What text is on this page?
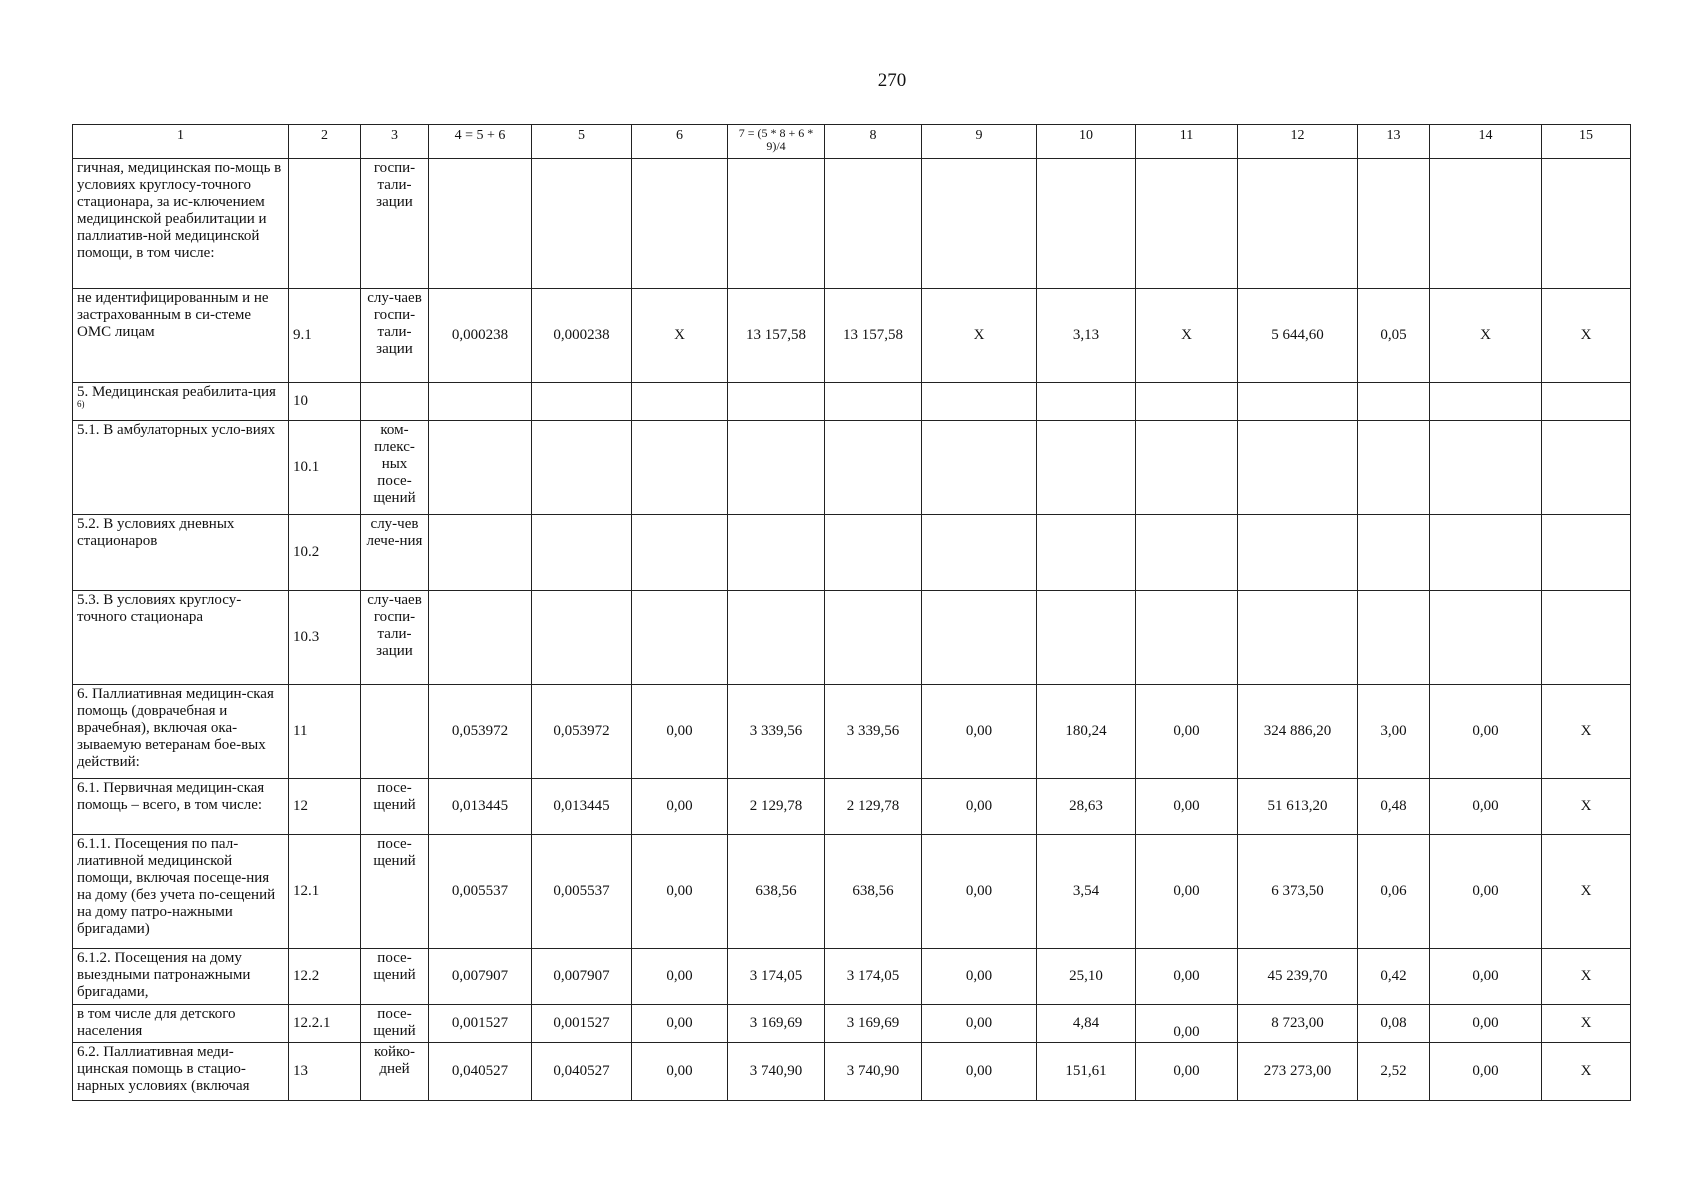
270
1	2	3	4 = 5 + 6	5	6	7 = (5 * 8 + 6 * 9)/4	8	9	10	11	12	13	14	15
гичная, медицинская по-мощь в условиях круглосу-точного стационара, за ис-ключением медицинской реабилитации и паллиатив-ной медицинской помощи, в том числе:		госпи-тали-зации												
не идентифицированным и не застрахованным в си-стеме ОМС лицам	9.1	слу-чаев госпи-тали-зации	0,000238	0,000238	X	13 157,58	13 157,58	X	3,13	X	5 644,60	0,05	X	X
5. Медицинская реабилита-ция $^{6)}$	10													
5.1. В амбулаторных усло-виях	10.1	ком-плекс-ных посе-щений												
5.2. В условиях дневных стационаров	10.2	слу-чев лече-ния												
5.3. В условиях круглосу-точного стационара	10.3	слу-чаев госпи-тали-зации												
6. Паллиативная медицин-ская помощь (доврачебная и врачебная), включая ока-зываемую ветеранам бое-вых действий:	11		0,053972	0,053972	0,00	3 339,56	3 339,56	0,00	180,24	0,00	324 886,20	3,00	0,00	X
6.1. Первичная медицин-ская помощь – всего, в том числе:	12	посе-щений	0,013445	0,013445	0,00	2 129,78	2 129,78	0,00	28,63	0,00	51 613,20	0,48	0,00	X
6.1.1. Посещения по пал-лиативной медицинской помощи, включая посеще-ния на дому (без учета по-сещений на дому патро-нажными бригадами)	12.1	посе-щений	0,005537	0,005537	0,00	638,56	638,56	0,00	3,54	0,00	6 373,50	0,06	0,00	X
6.1.2. Посещения на дому выездными патронажными бригадами,	12.2	посе-щений	0,007907	0,007907	0,00	3 174,05	3 174,05	0,00	25,10	0,00	45 239,70	0,42	0,00	X
в том числе для детского населения	12.2.1	посе-щений	0,001527	0,001527	0,00	3 169,69	3 169,69	0,00	4,84	0,00	8 723,00	0,08	0,00	X
6.2. Паллиативная меди-цинская помощь в стацио-нарных условиях (включая	13	койко-дней	0,040527	0,040527	0,00	3 740,90	3 740,90	0,00	151,61	0,00	273 273,00	2,52	0,00	X
